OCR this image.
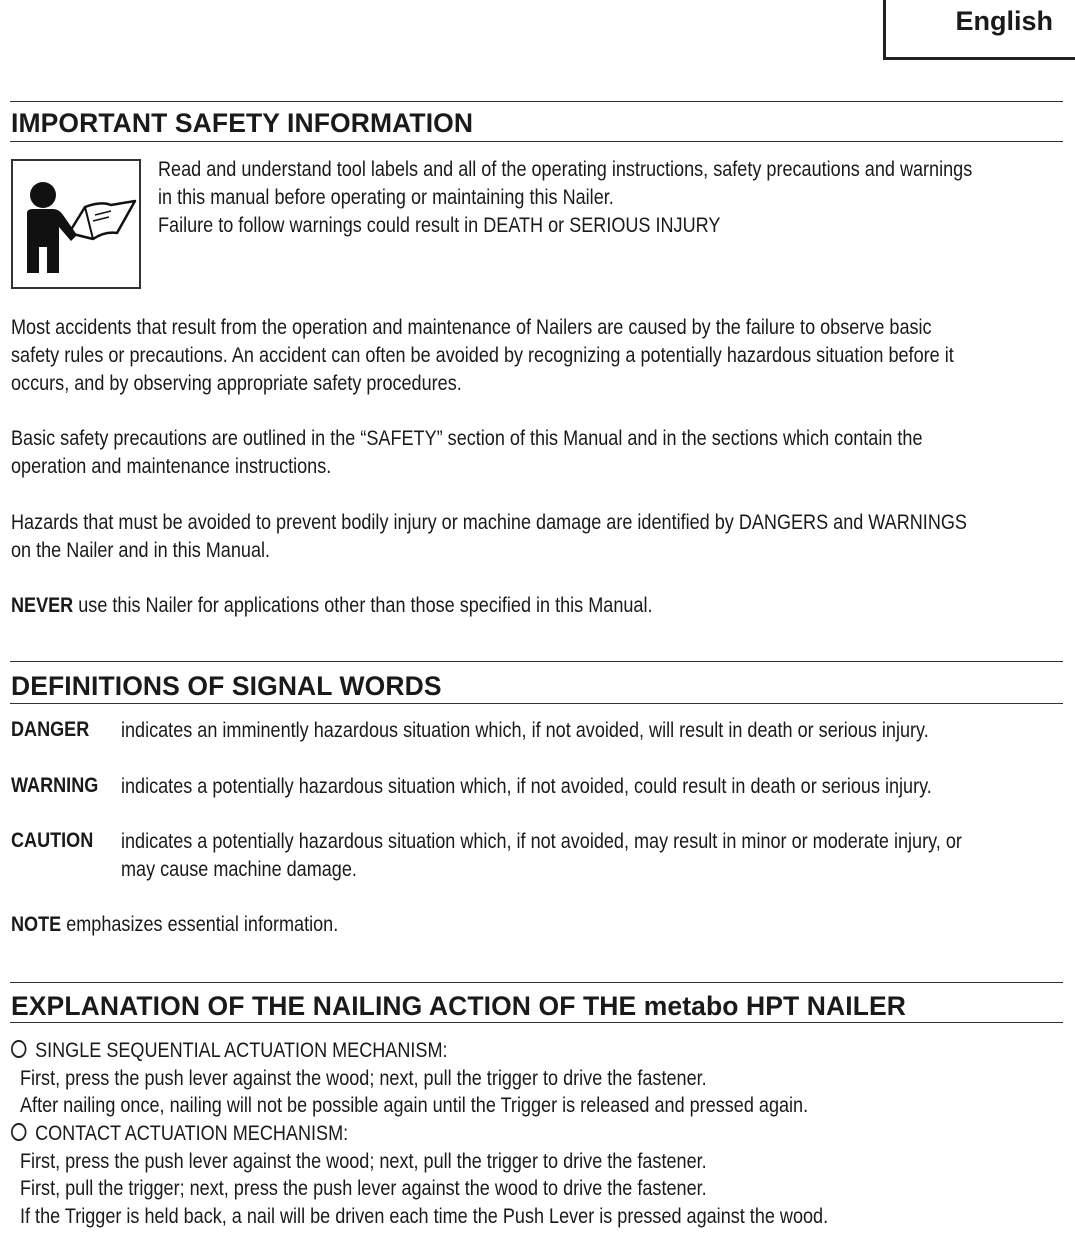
English
IMPORTANT SAFETY INFORMATION
Read and understand tool labels and all of the operating instructions, safety precautions and warnings
in this manual before operating or maintaining this Nailer.
Failure to follow warnings could result in DEATH or SERIOUS INJURY
Most accidents that result from the operation and maintenance of Nailers are caused by the failure to observe basic
safety rules or precautions. An accident can often be avoided by recognizing a potentially hazardous situation before it
occurs, and by observing appropriate safety procedures.
Basic safety precautions are outlined in the “SAFETY” section of this Manual and in the sections which contain the
operation and maintenance instructions.
Hazards that must be avoided to prevent bodily injury or machine damage are identified by DANGERS and WARNINGS
on the Nailer and in this Manual.
NEVER use this Nailer for applications other than those specified in this Manual.
DEFINITIONS OF SIGNAL WORDS
DANGER indicates an imminently hazardous situation which, if not avoided, will result in death or serious injury.
WARNING indicates a potentially hazardous situation which, if not avoided, could result in death or serious injury.
CAUTION indicates a potentially hazardous situation which, if not avoided, may result in minor or moderate injury, or
may cause machine damage.
NOTE emphasizes essential information.
EXPLANATION OF THE NAILING ACTION OF THE metabo HPT NAILER
SINGLE SEQUENTIAL ACTUATION MECHANISM:
First, press the push lever against the wood; next, pull the trigger to drive the fastener.
After nailing once, nailing will not be possible again until the Trigger is released and pressed again.
CONTACT ACTUATION MECHANISM:
First, press the push lever against the wood; next, pull the trigger to drive the fastener.
First, pull the trigger; next, press the push lever against the wood to drive the fastener.
If the Trigger is held back, a nail will be driven each time the Push Lever is pressed against the wood.
